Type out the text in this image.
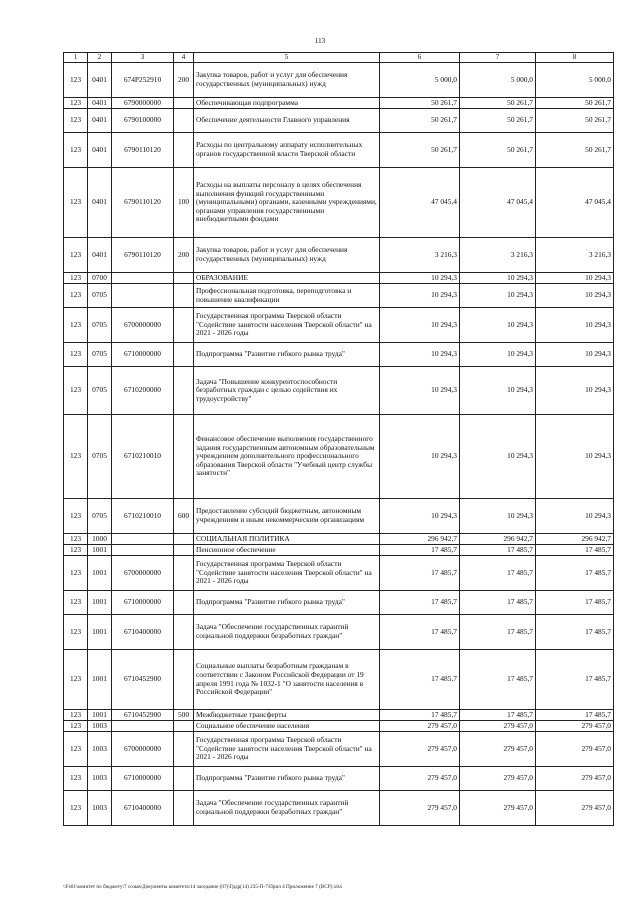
113
1	2	3	4	5	6	7	8
123	0401	674Р252910	200	Закупка товаров, работ и услуг для обеспечения государственных (муниципальных) нужд	5 000,0	5 000,0	5 000,0
123	0401	6790000000		Обеспечивающая подпрограмма	50 261,7	50 261,7	50 261,7
123	0401	6790100000		Обеспечение деятельности Главного управления	50 261,7	50 261,7	50 261,7
123	0401	6790110120		Расходы по центральному аппарату исполнительных органов государственной власти Тверской области	50 261,7	50 261,7	50 261,7
123	0401	6790110120	100	Расходы на выплаты персоналу в целях обеспечения выполнения функций государственными (муниципальными) органами, казенными учреждениями, органами управления государственными внебюджетными фондами	47 045,4	47 045,4	47 045,4
123	0401	6790110120	200	Закупка товаров, работ и услуг для обеспечения государственных (муниципальных) нужд	3 216,3	3 216,3	3 216,3
123	0700			ОБРАЗОВАНИЕ	10 294,3	10 294,3	10 294,3
123	0705			Профессиональная подготовка, переподготовка и повышение квалификации	10 294,3	10 294,3	10 294,3
123	0705	6700000000		Государственная программа Тверской области "Содействие занятости населения Тверской области" на 2021 - 2026 годы	10 294,3	10 294,3	10 294,3
123	0705	6710000000		Подпрограмма "Развитие гибкого рынка труда"	10 294,3	10 294,3	10 294,3
123	0705	6710200000		Задача "Повышение конкурентоспособности безработных граждан с целью содействия их трудоустройству"	10 294,3	10 294,3	10 294,3
123	0705	6710210010		Финансовое обеспечение выполнения государственного задания государственным автономным образовательным учреждением дополнительного профессионального образования Тверской области "Учебный центр службы занятости"	10 294,3	10 294,3	10 294,3
123	0705	6710210010	600	Предоставление субсидий бюджетным, автономным учреждениям и иным некоммерческим организациям	10 294,3	10 294,3	10 294,3
123	1000			СОЦИАЛЬНАЯ ПОЛИТИКА	296 942,7	296 942,7	296 942,7
123	1001			Пенсионное обеспечение	17 485,7	17 485,7	17 485,7
123	1001	6700000000		Государственная программа Тверской области "Содействие занятости населения Тверской области" на 2021 - 2026 годы	17 485,7	17 485,7	17 485,7
123	1001	6710000000		Подпрограмма "Развитие гибкого рынка труда"	17 485,7	17 485,7	17 485,7
123	1001	6710400000		Задача "Обеспечение государственных гарантий социальной поддержки безработных граждан"	17 485,7	17 485,7	17 485,7
123	1001	6710452900		Социальные выплаты безработным гражданам в соответствии с Законом Российской Федерации от 19 апреля 1991 года № 1032-1 "О занятости населения в Российской Федерации"	17 485,7	17 485,7	17 485,7
123	1001	6710452900	500	Межбюджетные трансферты	17 485,7	17 485,7	17 485,7
123	1003			Социальное обеспечение населения	279 457,0	279 457,0	279 457,0
123	1003	6700000000		Государственная программа Тверской области "Содействие занятости населения Тверской области" на 2021 - 2026 годы	279 457,0	279 457,0	279 457,0
123	1003	6710000000		Подпрограмма "Развитие гибкого рынка труда"	279 457,0	279 457,0	279 457,0
123	1003	6710400000		Задача "Обеспечение государственных гарантий социальной поддержки безработных граждан"	279 457,0	279 457,0	279 457,0
\\Fs01\комитет по бюджету\7 созыв\Документы комитета\14 заседание (07)\Грдр(14) 235-П-7\Прил 4 Приложение 7 (ВСР).xlsx
